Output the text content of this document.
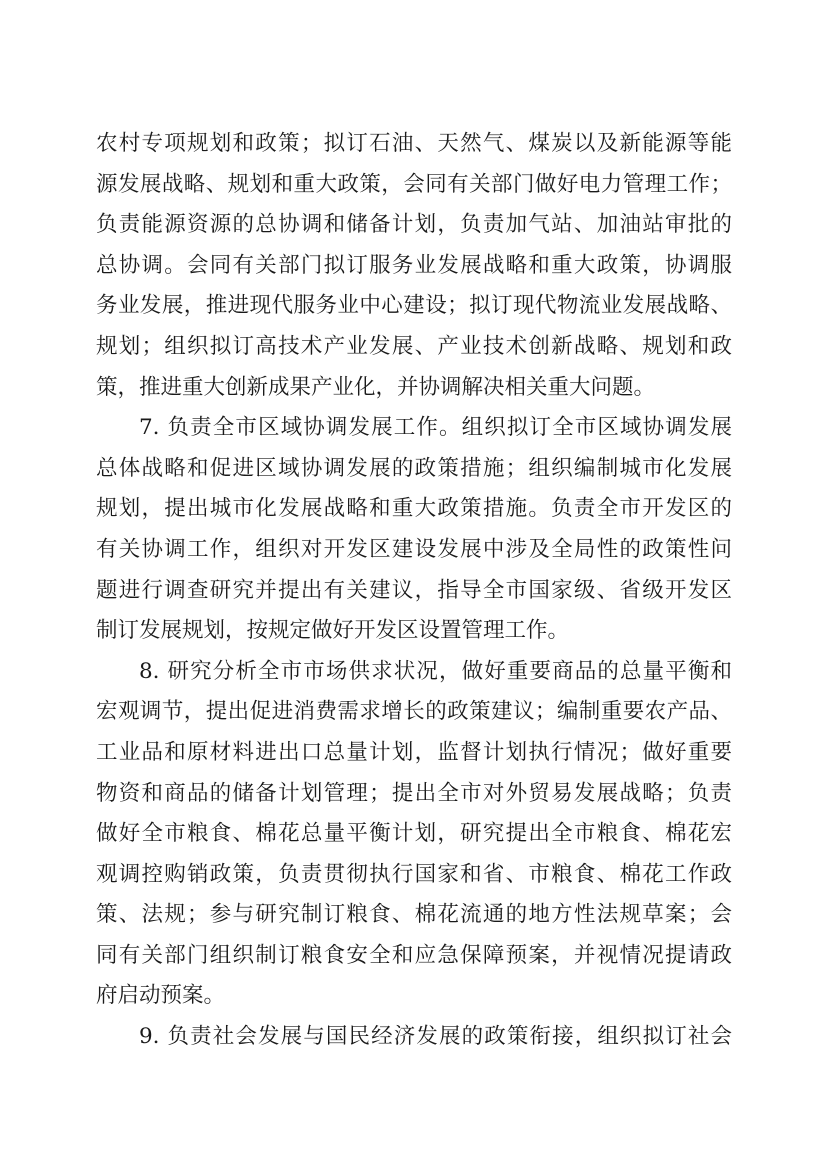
农村专项规划和政策；拟订石油、天然气、煤炭以及新能源等能
源发展战略、规划和重大政策，会同有关部门做好电力管理工作；
负责能源资源的总协调和储备计划，负责加气站、加油站审批的
总协调。会同有关部门拟订服务业发展战略和重大政策，协调服
务业发展，推进现代服务业中心建设；拟订现代物流业发展战略、
规划；组织拟订高技术产业发展、产业技术创新战略、规划和政
策，推进重大创新成果产业化，并协调解决相关重大问题。
7. 负责全市区域协调发展工作。组织拟订全市区域协调发展
总体战略和促进区域协调发展的政策措施；组织编制城市化发展
规划，提出城市化发展战略和重大政策措施。负责全市开发区的
有关协调工作，组织对开发区建设发展中涉及全局性的政策性问
题进行调查研究并提出有关建议，指导全市国家级、省级开发区
制订发展规划，按规定做好开发区设置管理工作。
8. 研究分析全市市场供求状况，做好重要商品的总量平衡和
宏观调节，提出促进消费需求增长的政策建议；编制重要农产品、
工业品和原材料进出口总量计划，监督计划执行情况；做好重要
物资和商品的储备计划管理；提出全市对外贸易发展战略；负责
做好全市粮食、棉花总量平衡计划，研究提出全市粮食、棉花宏
观调控购销政策，负责贯彻执行国家和省、市粮食、棉花工作政
策、法规；参与研究制订粮食、棉花流通的地方性法规草案；会
同有关部门组织制订粮食安全和应急保障预案，并视情况提请政
府启动预案。
9. 负责社会发展与国民经济发展的政策衔接，组织拟订社会
